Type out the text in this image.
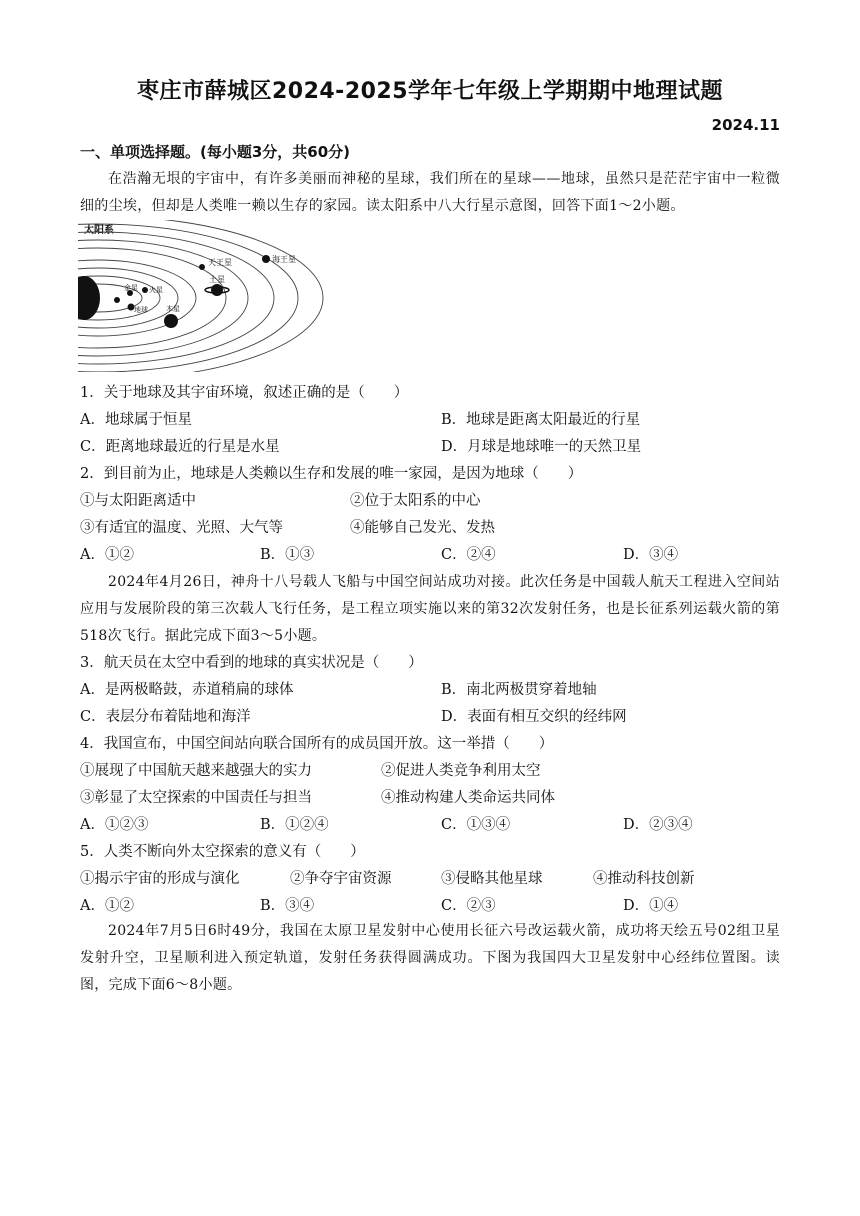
枣庄市薛城区2024-2025学年七年级上学期期中地理试题
2024.11
一、单项选择题。(每小题3分，共60分)
在浩瀚无垠的宇宙中，有许多美丽而神秘的星球，我们所在的星球——地球，虽然只是茫茫宇宙中一粒微细的尘埃，但却是人类唯一赖以生存的家园。读太阳系中八大行星示意图，回答下面1～2小题。
太阳系
天王星	海王星
土星
金星 火星
水星
地球	木星
1．关于地球及其宇宙环境，叙述正确的是（　　）
A．地球属于恒星	B．地球是距离太阳最近的行星
C．距离地球最近的行星是水星	D．月球是地球唯一的天然卫星
2．到目前为止，地球是人类赖以生存和发展的唯一家园，是因为地球（　　）
①与太阳距离适中	②位于太阳系的中心
③有适宜的温度、光照、大气等	④能够自己发光、发热
A．①②	B．①③	C．②④	D．③④
2024年4月26日，神舟十八号载人飞船与中国空间站成功对接。此次任务是中国载人航天工程进入空间站应用与发展阶段的第三次载人飞行任务，是工程立项实施以来的第32次发射任务，也是长征系列运载火箭的第518次飞行。据此完成下面3～5小题。
3．航天员在太空中看到的地球的真实状况是（　　）
A．是两极略鼓，赤道稍扁的球体	B．南北两极贯穿着地轴
C．表层分布着陆地和海洋	D．表面有相互交织的经纬网
4．我国宣布，中国空间站向联合国所有的成员国开放。这一举措（　　）
①展现了中国航天越来越强大的实力	②促进人类竞争利用太空
③彰显了太空探索的中国责任与担当	④推动构建人类命运共同体
A．①②③	B．①②④	C．①③④	D．②③④
5．人类不断向外太空探索的意义有（　　）
①揭示宇宙的形成与演化	②争夺宇宙资源	③侵略其他星球	④推动科技创新
A．①②	B．③④	C．②③	D．①④
2024年7月5日6时49分，我国在太原卫星发射中心使用长征六号改运载火箭，成功将天绘五号02组卫星发射升空，卫星顺利进入预定轨道，发射任务获得圆满成功。下图为我国四大卫星发射中心经纬位置图。读图，完成下面6～8小题。
